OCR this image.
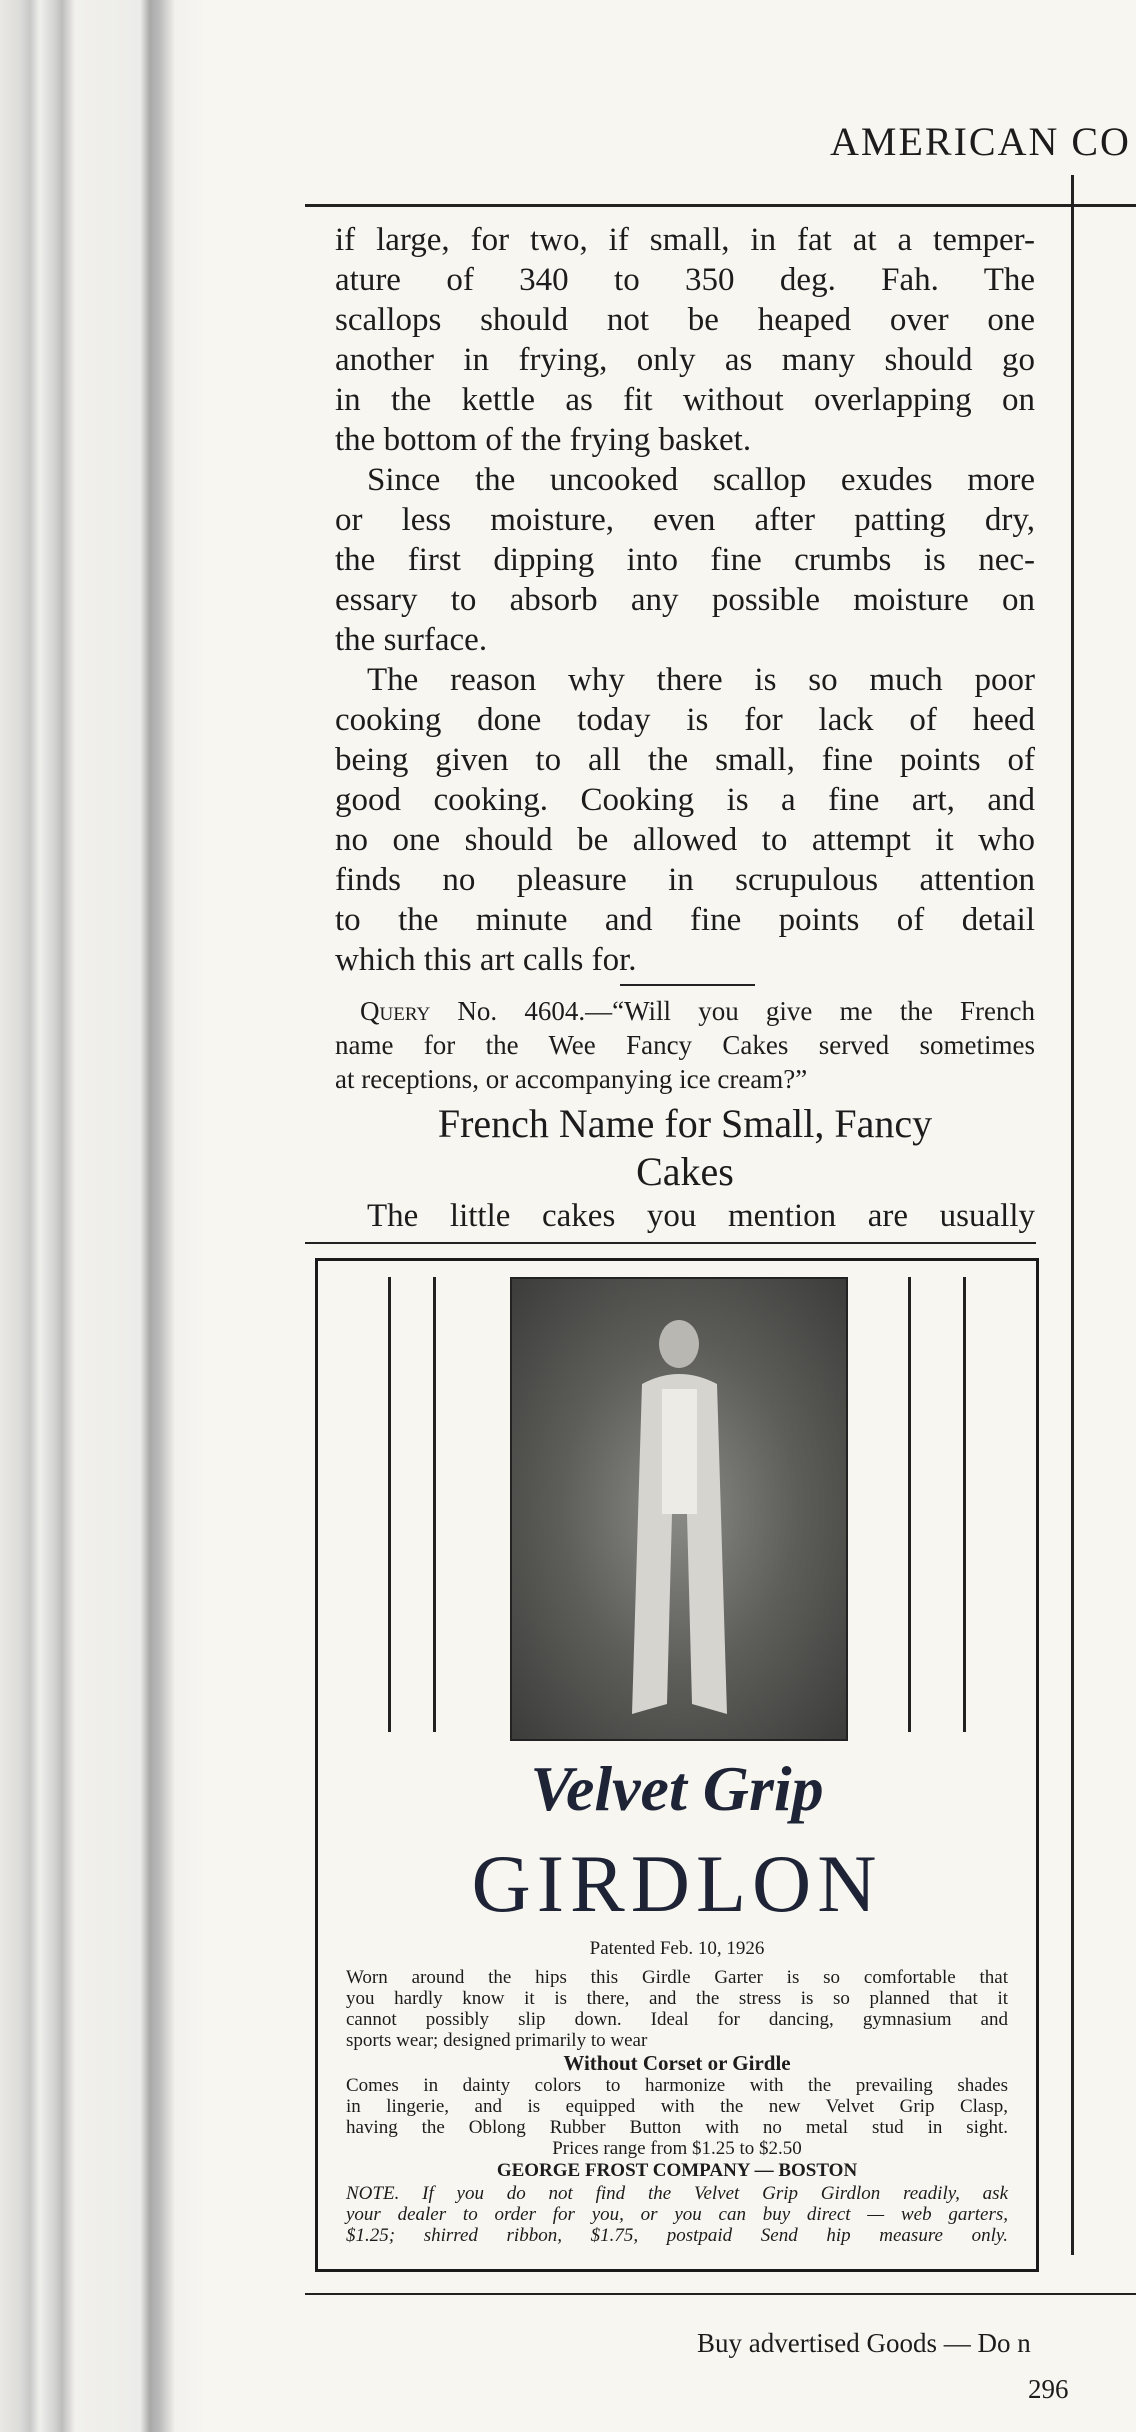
AMERICAN CO
if large, for two, if small, in fat at a temper-
ature of 340 to 350 deg. Fah. The
scallops should not be heaped over one
another in frying, only as many should go
in the kettle as fit without overlapping on
the bottom of the frying basket.
Since the uncooked scallop exudes more
or less moisture, even after patting dry,
the first dipping into fine crumbs is nec-
essary to absorb any possible moisture on
the surface.
The reason why there is so much poor
cooking done today is for lack of heed
being given to all the small, fine points of
good cooking. Cooking is a fine art, and
no one should be allowed to attempt it who
finds no pleasure in scrupulous attention
to the minute and fine points of detail
which this art calls for.
Query No. 4604.—“Will you give me the French
name for the Wee Fancy Cakes served sometimes
at receptions, or accompanying ice cream?”
French Name for Small, Fancy
Cakes
The little cakes you mention are usually
Velvet Grip
GIRDLON
Patented Feb. 10, 1926
Worn around the hips this Girdle Garter is so comfortable that
you hardly know it is there, and the stress is so planned that it
cannot possibly slip down. Ideal for dancing, gymnasium and
sports wear; designed primarily to wear
Without Corset or Girdle
Comes in dainty colors to harmonize with the prevailing shades
in lingerie, and is equipped with the new Velvet Grip Clasp,
having the Oblong Rubber Button with no metal stud in sight.
Prices range from $1.25 to $2.50
GEORGE FROST COMPANY — BOSTON
NOTE. If you do not find the Velvet Grip Girdlon readily, ask
your dealer to order for you, or you can buy direct — web garters,
$1.25; shirred ribbon, $1.75, postpaid Send hip measure only.
Buy advertised Goods — Do n
296
